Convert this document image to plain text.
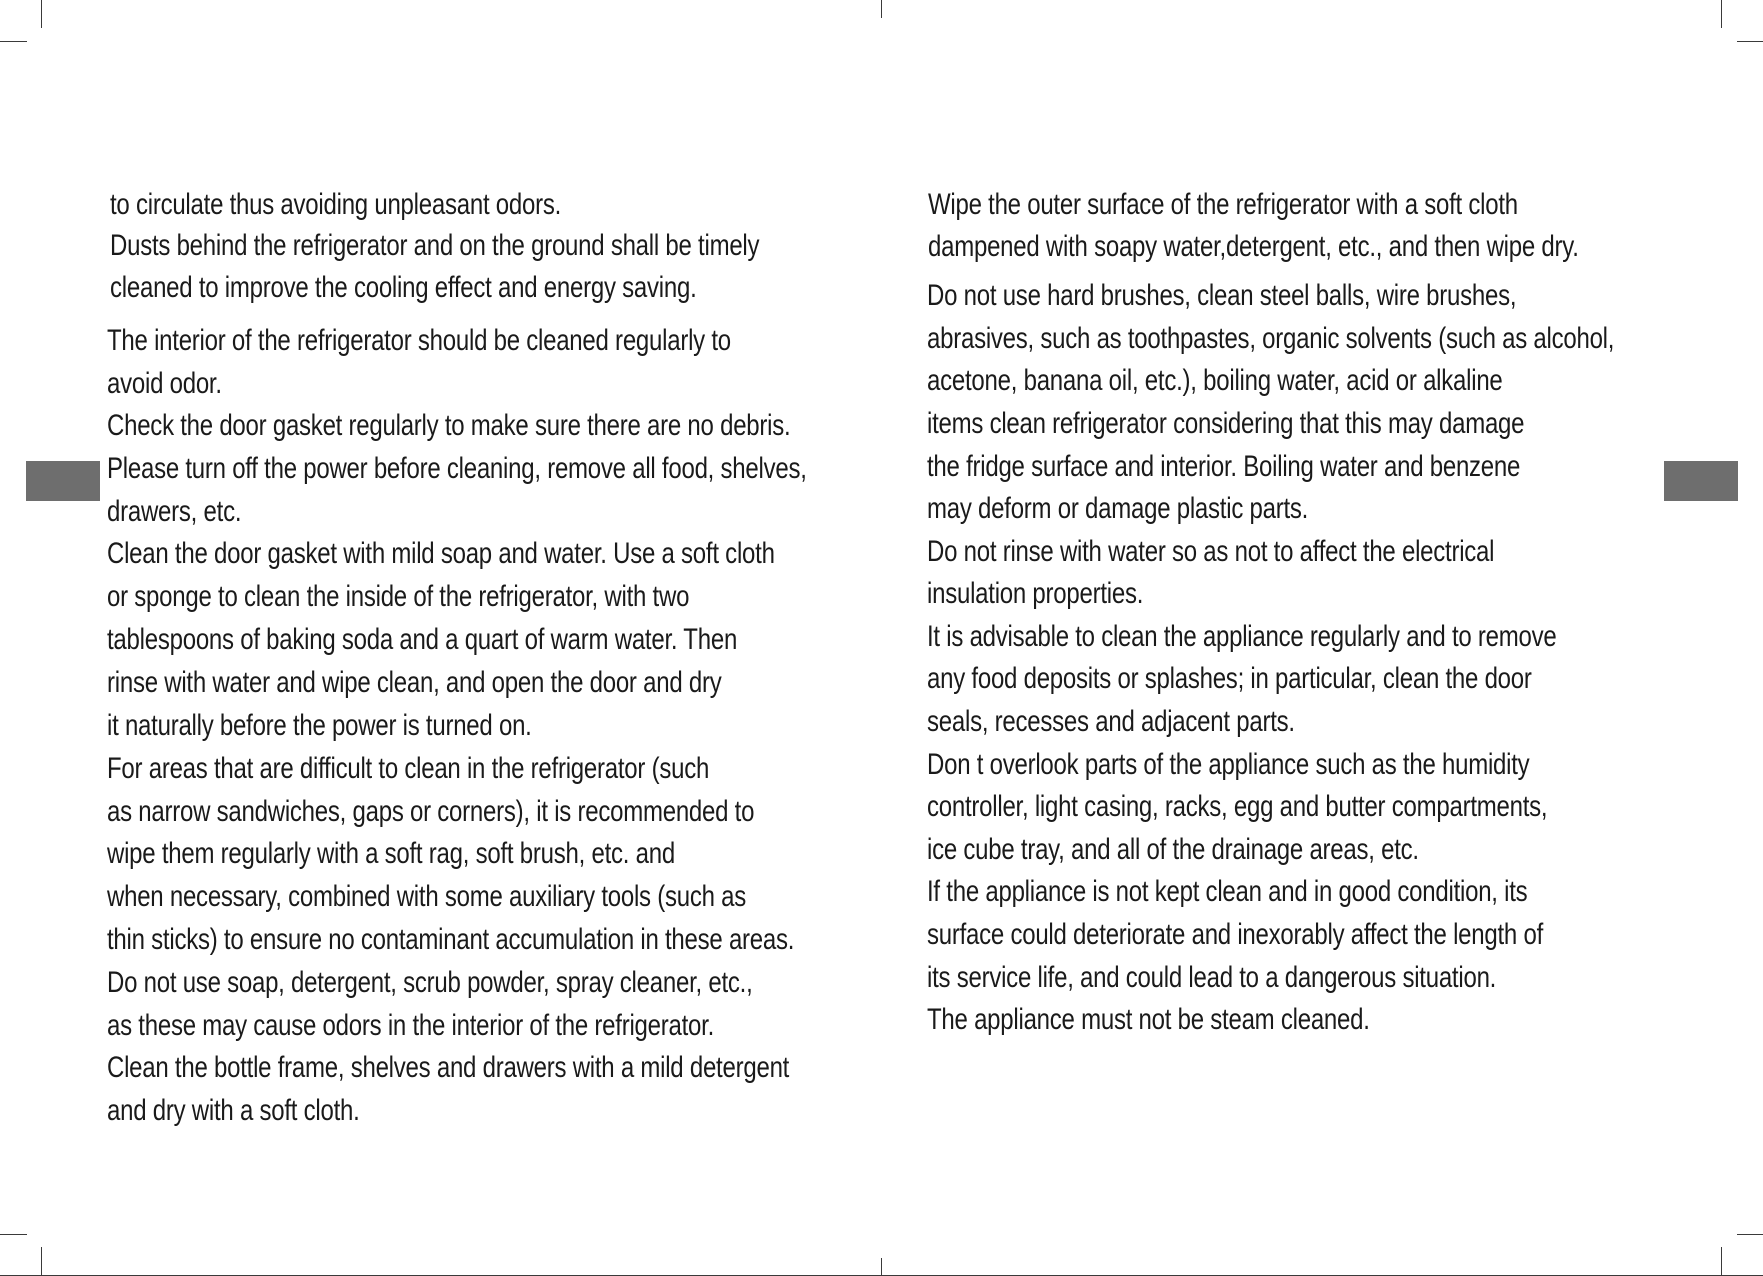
to circulate thus avoiding unpleasant odors.
Dusts behind the refrigerator and on the ground shall be timely
cleaned to improve the cooling effect and energy saving.
The interior of the refrigerator should be cleaned regularly to
avoid odor.
Check the door gasket regularly to make sure there are no debris.
Please turn off the power before cleaning, remove all food, shelves,
drawers, etc.
Clean the door gasket with mild soap and water. Use a soft cloth
or sponge to clean the inside of the refrigerator, with two
tablespoons of baking soda and a quart of warm water. Then
rinse with water and wipe clean, and open the door and dry
it naturally before the power is turned on.
For areas that are difficult to clean in the refrigerator (such
as narrow sandwiches, gaps or corners), it is recommended to
wipe them regularly with a soft rag, soft brush, etc. and
when necessary, combined with some auxiliary tools (such as
thin sticks) to ensure no contaminant accumulation in these areas.
Do not use soap, detergent, scrub powder, spray cleaner, etc.,
as these may cause odors in the interior of the refrigerator.
Clean the bottle frame, shelves and drawers with a mild detergent
and dry with a soft cloth.
Wipe the outer surface of the refrigerator with a soft cloth
dampened with soapy water,detergent, etc., and then wipe dry.
Do not use hard brushes, clean steel balls, wire brushes,
abrasives, such as toothpastes, organic solvents (such as alcohol,
acetone, banana oil, etc.), boiling water, acid or alkaline
items clean refrigerator considering that this may damage
the fridge surface and interior. Boiling water and benzene
may deform or damage plastic parts.
Do not rinse with water so as not to affect the electrical
insulation properties.
It is advisable to clean the appliance regularly and to remove
any food deposits or splashes; in particular, clean the door
seals, recesses and adjacent parts.
Don t overlook parts of the appliance such as the humidity
controller, light casing, racks, egg and butter compartments,
ice cube tray, and all of the drainage areas, etc.
If the appliance is not kept clean and in good condition, its
surface could deteriorate and inexorably affect the length of
its service life, and could lead to a dangerous situation.
The appliance must not be steam cleaned.
